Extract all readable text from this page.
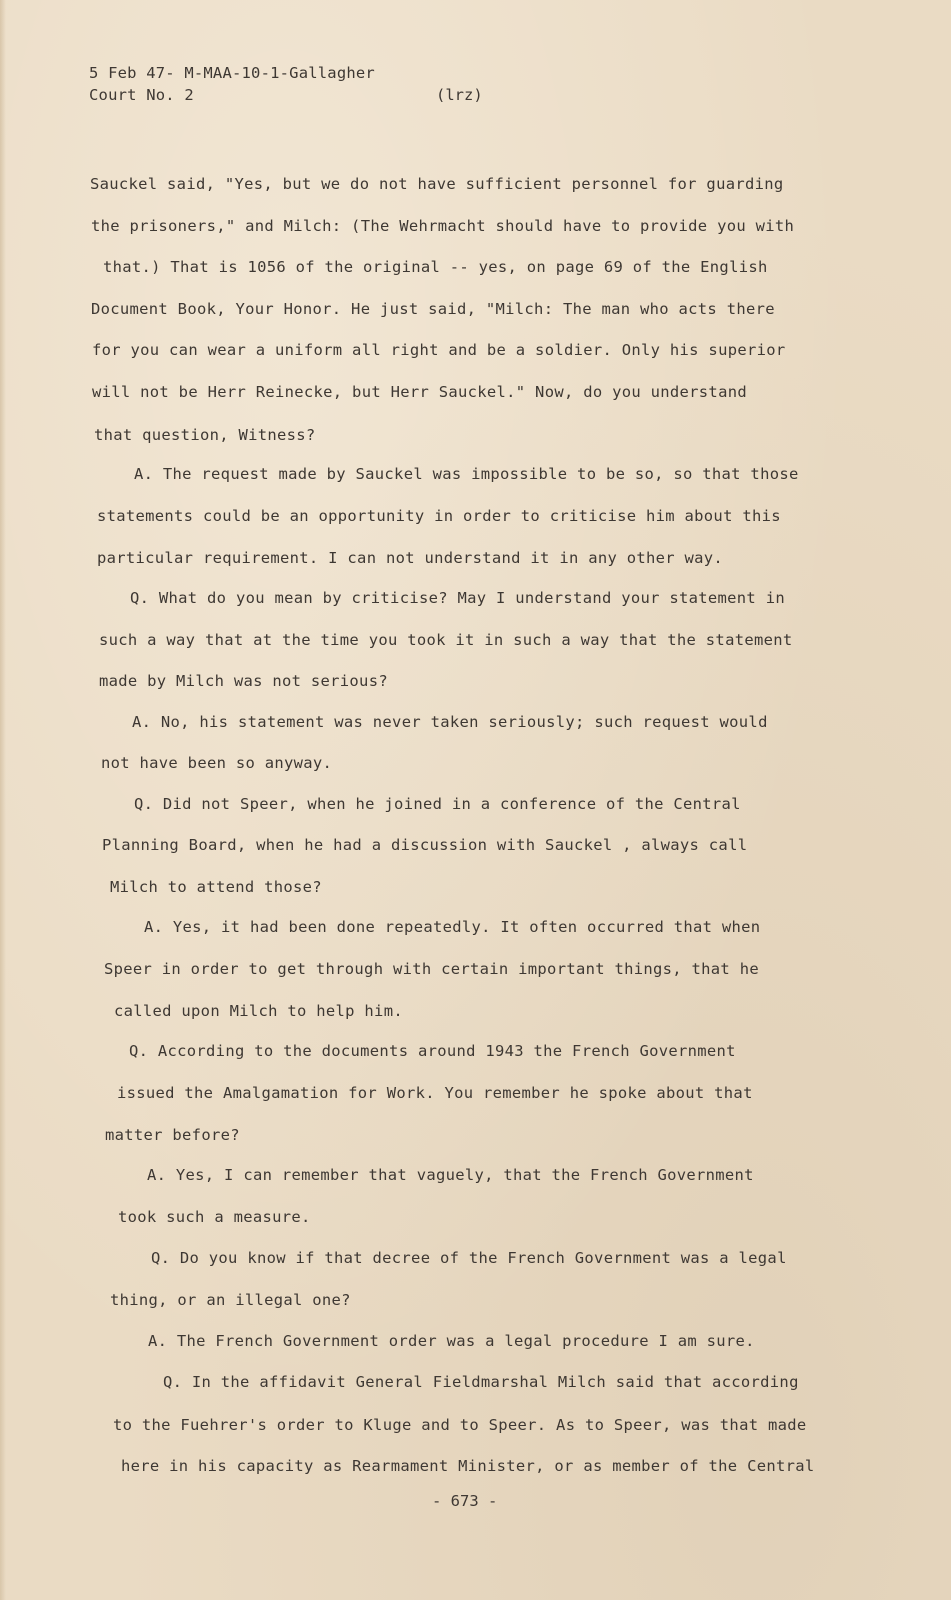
5 Feb 47- M-MAA-10-1-Gallagher
Court No. 2	(lrz)
Sauckel said, "Yes, but we do not have sufficient personnel for guarding
the prisoners," and Milch: (The Wehrmacht should have to provide you with
that.) That is 1056 of the original -- yes, on page 69 of the English
Document Book, Your Honor. He just said, "Milch: The man who acts there
for you can wear a uniform all right and be a soldier. Only his superior
will not be Herr Reinecke, but Herr Sauckel." Now, do you understand
that question, Witness?
A. The request made by Sauckel was impossible to be so, so that those
statements could be an opportunity in order to criticise him about this
particular requirement. I can not understand it in any other way.
Q. What do you mean by criticise? May I understand your statement in
such a way that at the time you took it in such a way that the statement
made by Milch was not serious?
A. No, his statement was never taken seriously; such request would
not have been so anyway.
Q. Did not Speer, when he joined in a conference of the Central
Planning Board, when he had a discussion with Sauckel , always call
Milch to attend those?
A. Yes, it had been done repeatedly. It often occurred that when
Speer in order to get through with certain important things, that he
called upon Milch to help him.
Q. According to the documents around 1943 the French Government
issued the Amalgamation for Work. You remember he spoke about that
matter before?
A. Yes, I can remember that vaguely, that the French Government
took such a measure.
Q. Do you know if that decree of the French Government was a legal
thing, or an illegal one?
A. The French Government order was a legal procedure I am sure.
Q. In the affidavit General Fieldmarshal Milch said that according
to the Fuehrer's order to Kluge and to Speer. As to Speer, was that made
here in his capacity as Rearmament Minister, or as member of the Central
- 673 -
